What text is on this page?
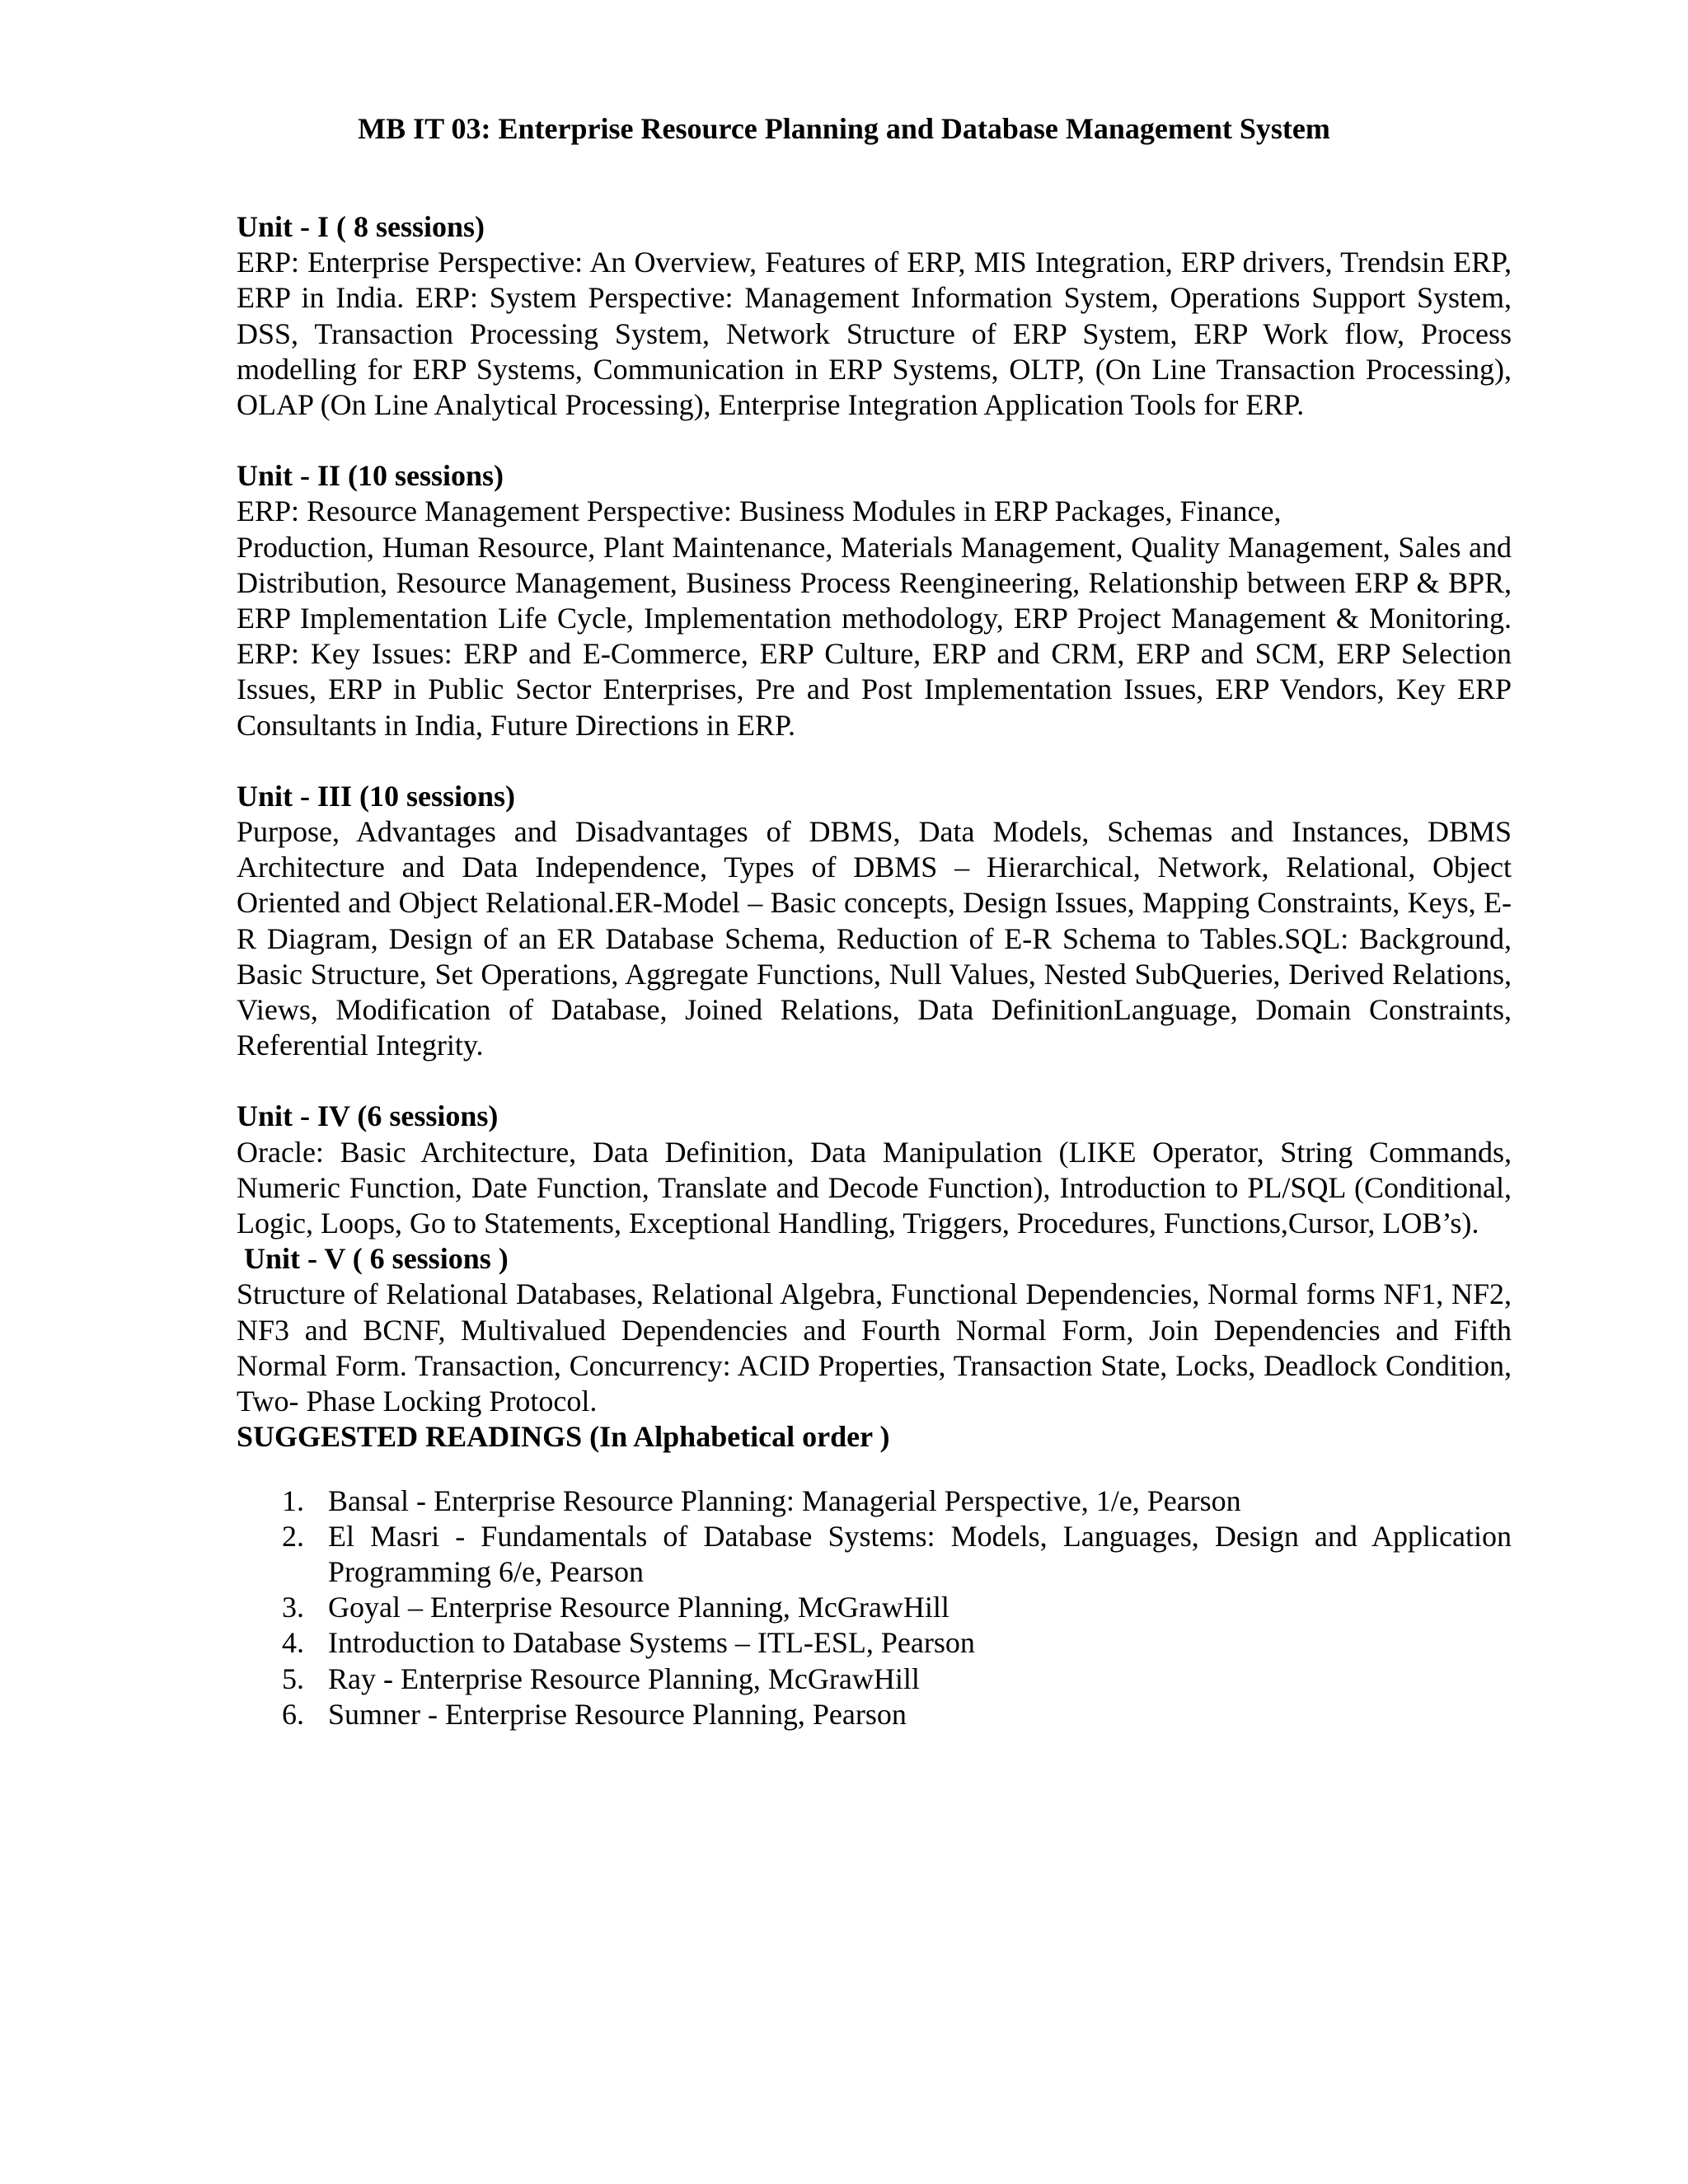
MB IT 03: Enterprise Resource Planning and Database Management System

Unit - I ( 8 sessions)

ERP: Enterprise Perspective: An Overview, Features of ERP, MIS Integration, ERP drivers, Trendsin ERP, ERP in India. ERP: System Perspective: Management Information System, Operations Support System, DSS, Transaction Processing System, Network Structure of ERP System, ERP Work flow, Process modelling for ERP Systems, Communication in ERP Systems, OLTP, (On Line Transaction Processing), OLAP (On Line Analytical Processing), Enterprise Integration Application Tools for ERP.

Unit - II (10 sessions)

ERP: Resource Management Perspective: Business Modules in ERP Packages, Finance,

Production, Human Resource, Plant Maintenance, Materials Management, Quality Management, Sales and Distribution, Resource Management, Business Process Reengineering, Relationship between ERP & BPR, ERP Implementation Life Cycle, Implementation methodology, ERP Project Management & Monitoring. ERP: Key Issues: ERP and E-Commerce, ERP Culture, ERP and CRM, ERP and SCM, ERP Selection Issues, ERP in Public Sector Enterprises, Pre and Post Implementation Issues, ERP Vendors, Key ERP Consultants in India, Future Directions in ERP.

Unit - III (10 sessions)

Purpose, Advantages and Disadvantages of DBMS, Data Models, Schemas and Instances, DBMS Architecture and Data Independence, Types of DBMS – Hierarchical, Network, Relational, Object Oriented and Object Relational.ER-Model – Basic concepts, Design Issues, Mapping Constraints, Keys, E-R Diagram, Design of an ER Database Schema, Reduction of E-R Schema to Tables.SQL: Background, Basic Structure, Set Operations, Aggregate Functions, Null Values, Nested SubQueries, Derived Relations, Views, Modification of Database, Joined Relations, Data DefinitionLanguage, Domain Constraints, Referential Integrity.

Unit - IV (6 sessions)

Oracle: Basic Architecture, Data Definition, Data Manipulation (LIKE Operator, String Commands, Numeric Function, Date Function, Translate and Decode Function), Introduction to PL/SQL (Conditional, Logic, Loops, Go to Statements, Exceptional Handling, Triggers, Procedures, Functions,Cursor, LOB’s).

Unit - V ( 6 sessions )

Structure of Relational Databases, Relational Algebra, Functional Dependencies, Normal forms NF1, NF2, NF3 and BCNF, Multivalued Dependencies and Fourth Normal Form, Join Dependencies and Fifth Normal Form. Transaction, Concurrency: ACID Properties, Transaction State, Locks, Deadlock Condition, Two- Phase Locking Protocol.

SUGGESTED READINGS (In Alphabetical order )

1. Bansal - Enterprise Resource Planning: Managerial Perspective, 1/e, Pearson
2. El Masri - Fundamentals of Database Systems: Models, Languages, Design and Application Programming 6/e, Pearson
3. Goyal – Enterprise Resource Planning, McGrawHill
4. Introduction to Database Systems – ITL-ESL, Pearson
5. Ray - Enterprise Resource Planning, McGrawHill
6. Sumner - Enterprise Resource Planning, Pearson
